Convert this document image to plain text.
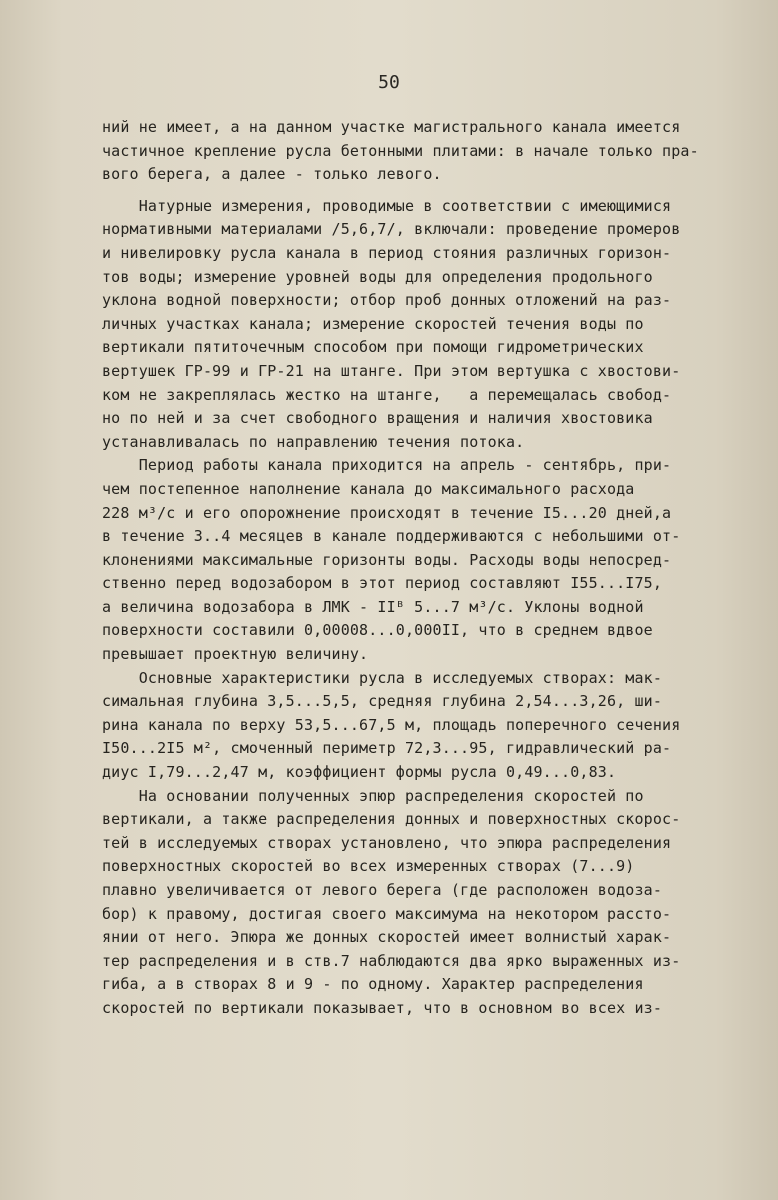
50
ний не имеет, а на данном участке магистрального канала имеется
частичное крепление русла бетонными плитами: в начале только пра-
вого берега, а далее - только левого.
Натурные измерения, проводимые в соответствии с имеющимися
нормативными материалами /5,6,7/, включали: проведение промеров
и нивелировку русла канала в период стояния различных горизон-
тов воды; измерение уровней воды для определения продольного
уклона водной поверхности; отбор проб донных отложений на раз-
личных участках канала; измерение скоростей течения воды по
вертикали пятиточечным способом при помощи гидрометрических
вертушек ГР-99 и ГР-21 на штанге. При этом вертушка с хвостови-
ком не закреплялась жестко на штанге,   а перемещалась свобод-
но по ней и за счет свободного вращения и наличия хвостовика
устанавливалась по направлению течения потока.
Период работы канала приходится на апрель - сентябрь, при-
чем постепенное наполнение канала до максимального расхода
228 м³/с и его опорожнение происходят в течение I5...20 дней,а
в течение 3..4 месяцев в канале поддерживаются с небольшими от-
клонениями максимальные горизонты воды. Расходы воды непосред-
ственно перед водозабором в этот период составляют I55...I75,
а величина водозабора в ЛМК - IIᴮ 5...7 м³/с. Уклоны водной
поверхности составили 0,00008...0,000II, что в среднем вдвое
превышает проектную величину.
Основные характеристики русла в исследуемых створах: мак-
симальная глубина 3,5...5,5, средняя глубина 2,54...3,26, ши-
рина канала по верху 53,5...67,5 м, площадь поперечного сечения
I50...2I5 м², смоченный периметр 72,3...95, гидравлический ра-
диус I,79...2,47 м, коэффициент формы русла 0,49...0,83.
На основании полученных эпюр распределения скоростей по
вертикали, а также распределения донных и поверхностных скорос-
тей в исследуемых створах установлено, что эпюра распределения
поверхностных скоростей во всех измеренных створах (7...9)
плавно увеличивается от левого берега (где расположен водоза-
бор) к правому, достигая своего максимума на некотором рассто-
янии от него. Эпюра же донных скоростей имеет волнистый харак-
тер распределения и в ств.7 наблюдаются два ярко выраженных из-
гиба, а в створах 8 и 9 - по одному. Характер распределения
скоростей по вертикали показывает, что в основном во всех из-
